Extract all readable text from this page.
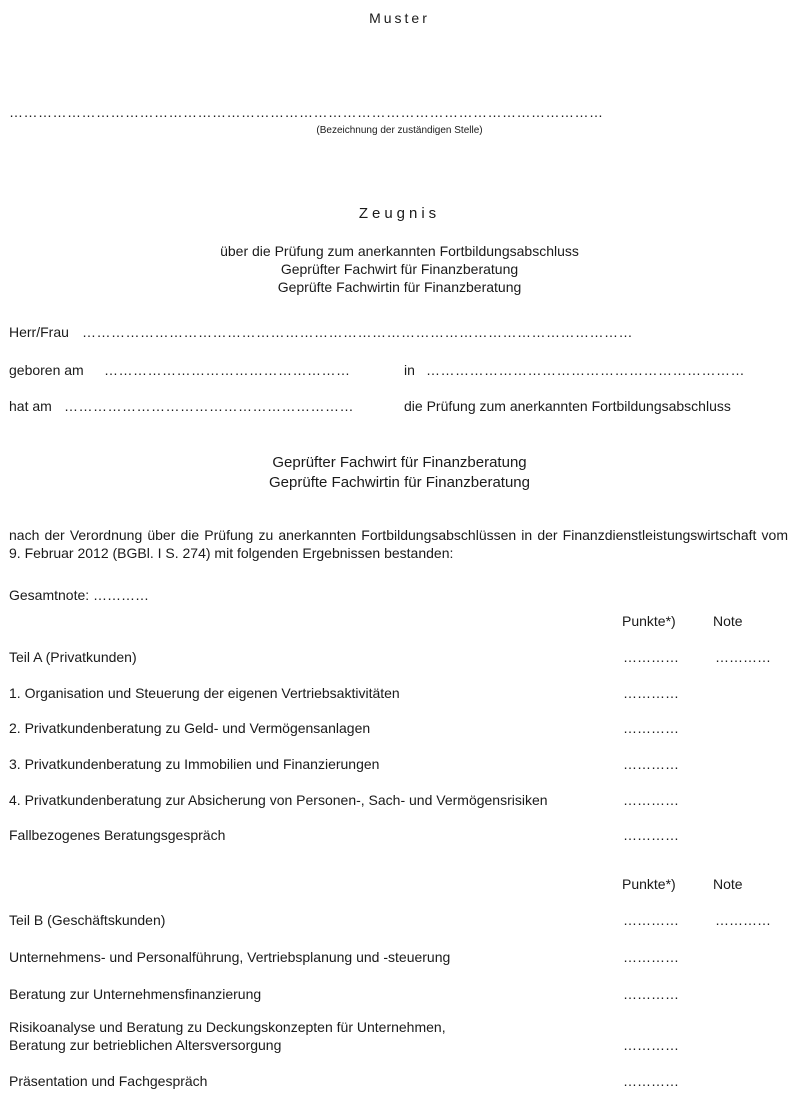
Muster
……………………………………………………………………………………………………………
(Bezeichnung der zuständigen Stelle)
Zeugnis
über die Prüfung zum anerkannten Fortbildungsabschluss
Geprüfter Fachwirt für Finanzberatung
Geprüfte Fachwirtin für Finanzberatung
Herr/Frau ……………………………………………………………………………………………………
geboren am ……………………………………………	in …………………………………………………………
hat am ……………………………………………………	die Prüfung zum anerkannten Fortbildungsabschluss
Geprüfter Fachwirt für Finanzberatung
Geprüfte Fachwirtin für Finanzberatung
nach der Verordnung über die Prüfung zu anerkannten Fortbildungsabschlüssen in der Finanzdienstleistungswirtschaft vom 9. Februar 2012 (BGBl. I S. 274) mit folgenden Ergebnissen bestanden:
Gesamtnote: …………
Punkte*)	Note
Teil A (Privatkunden)	…………	…………
1. Organisation und Steuerung der eigenen Vertriebsaktivitäten	…………
2. Privatkundenberatung zu Geld- und Vermögensanlagen	…………
3. Privatkundenberatung zu Immobilien und Finanzierungen	…………
4. Privatkundenberatung zur Absicherung von Personen-, Sach- und Vermögensrisiken	…………
Fallbezogenes Beratungsgespräch	…………
Punkte*)	Note
Teil B (Geschäftskunden)	…………	…………
Unternehmens- und Personalführung, Vertriebsplanung und -steuerung	…………
Beratung zur Unternehmensfinanzierung	…………
Risikoanalyse und Beratung zu Deckungskonzepten für Unternehmen,
Beratung zur betrieblichen Altersversorgung	…………
Präsentation und Fachgespräch	…………
